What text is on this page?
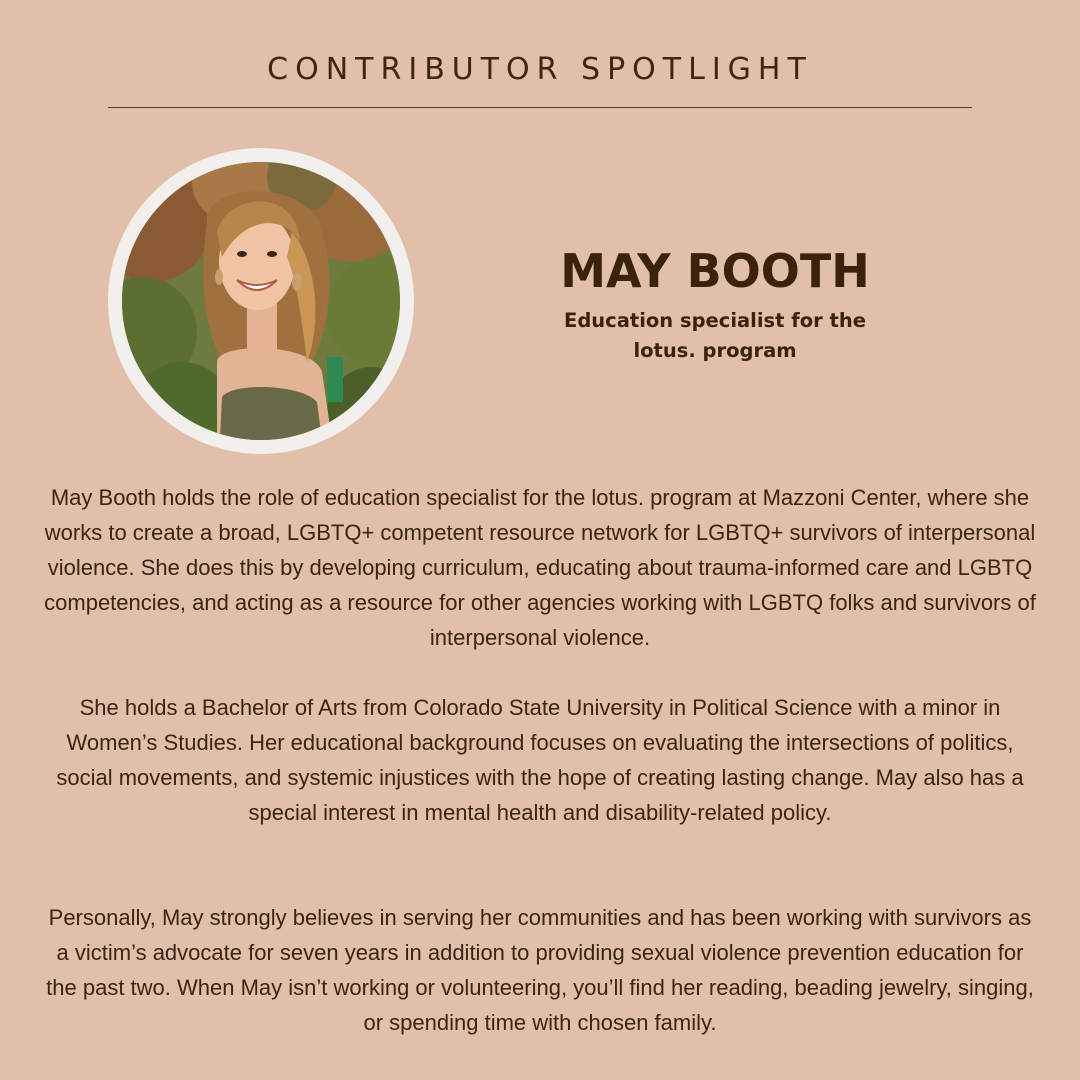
CONTRIBUTOR SPOTLIGHT
MAY BOOTH
Education specialist for the
lotus. program
May Booth holds the role of education specialist for the lotus. program at Mazzoni Center, where she works to create a broad, LGBTQ+ competent resource network for LGBTQ+ survivors of interpersonal violence. She does this by developing curriculum, educating about trauma-informed care and LGBTQ competencies, and acting as a resource for other agencies working with LGBTQ folks and survivors of interpersonal violence.
She holds a Bachelor of Arts from Colorado State University in Political Science with a minor in Women’s Studies. Her educational background focuses on evaluating the intersections of politics, social movements, and systemic injustices with the hope of creating lasting change. May also has a special interest in mental health and disability-related policy.
Personally, May strongly believes in serving her communities and has been working with survivors as a victim’s advocate for seven years in addition to providing sexual violence prevention education for the past two. When May isn’t working or volunteering, you’ll find her reading, beading jewelry, singing, or spending time with chosen family.
